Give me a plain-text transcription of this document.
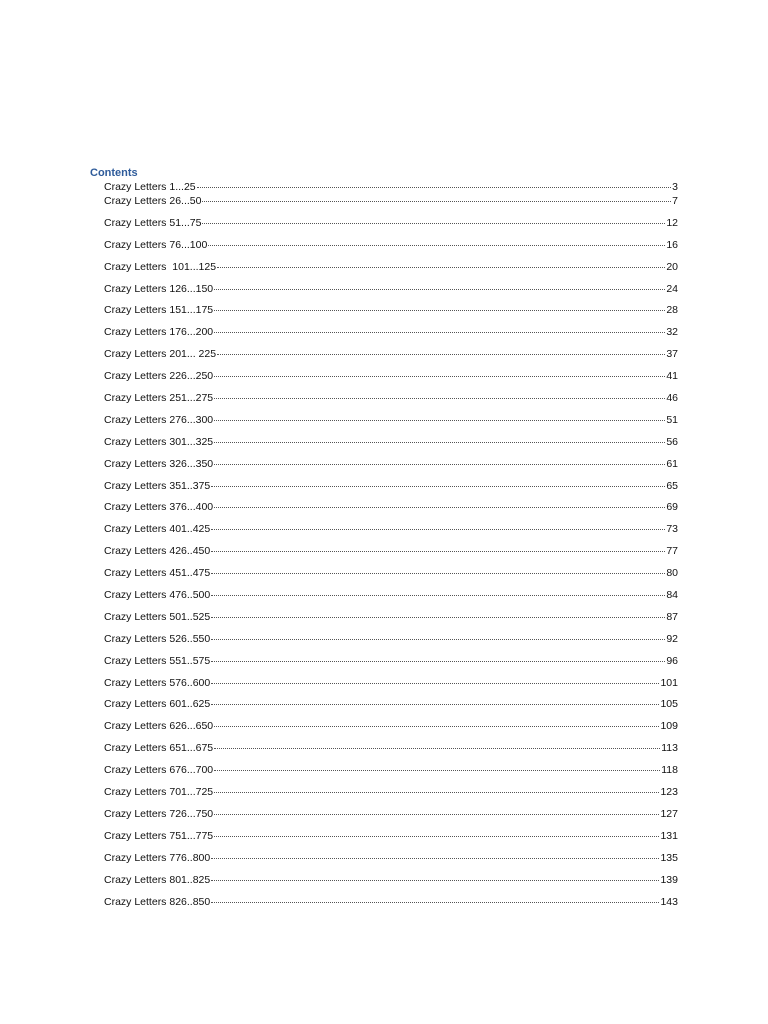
Contents
Crazy Letters 1...25	3
Crazy Letters 26...50	7
Crazy Letters 51...75	12
Crazy Letters 76...100	16
Crazy Letters  101...125	20
Crazy Letters 126...150	24
Crazy Letters 151...175	28
Crazy Letters 176...200	32
Crazy Letters 201... 225	37
Crazy Letters 226...250	41
Crazy Letters 251...275	46
Crazy Letters 276...300	51
Crazy Letters 301...325	56
Crazy Letters 326...350	61
Crazy Letters 351..375	65
Crazy Letters 376...400	69
Crazy Letters 401..425	73
Crazy Letters 426..450	77
Crazy Letters 451..475	80
Crazy Letters 476..500	84
Crazy Letters 501..525	87
Crazy Letters 526..550	92
Crazy Letters 551..575	96
Crazy Letters 576..600	101
Crazy Letters 601..625	105
Crazy Letters 626...650	109
Crazy Letters 651...675	113
Crazy Letters 676...700	118
Crazy Letters 701...725	123
Crazy Letters 726...750	127
Crazy Letters 751...775	131
Crazy Letters 776..800	135
Crazy Letters 801..825	139
Crazy Letters 826..850	143
